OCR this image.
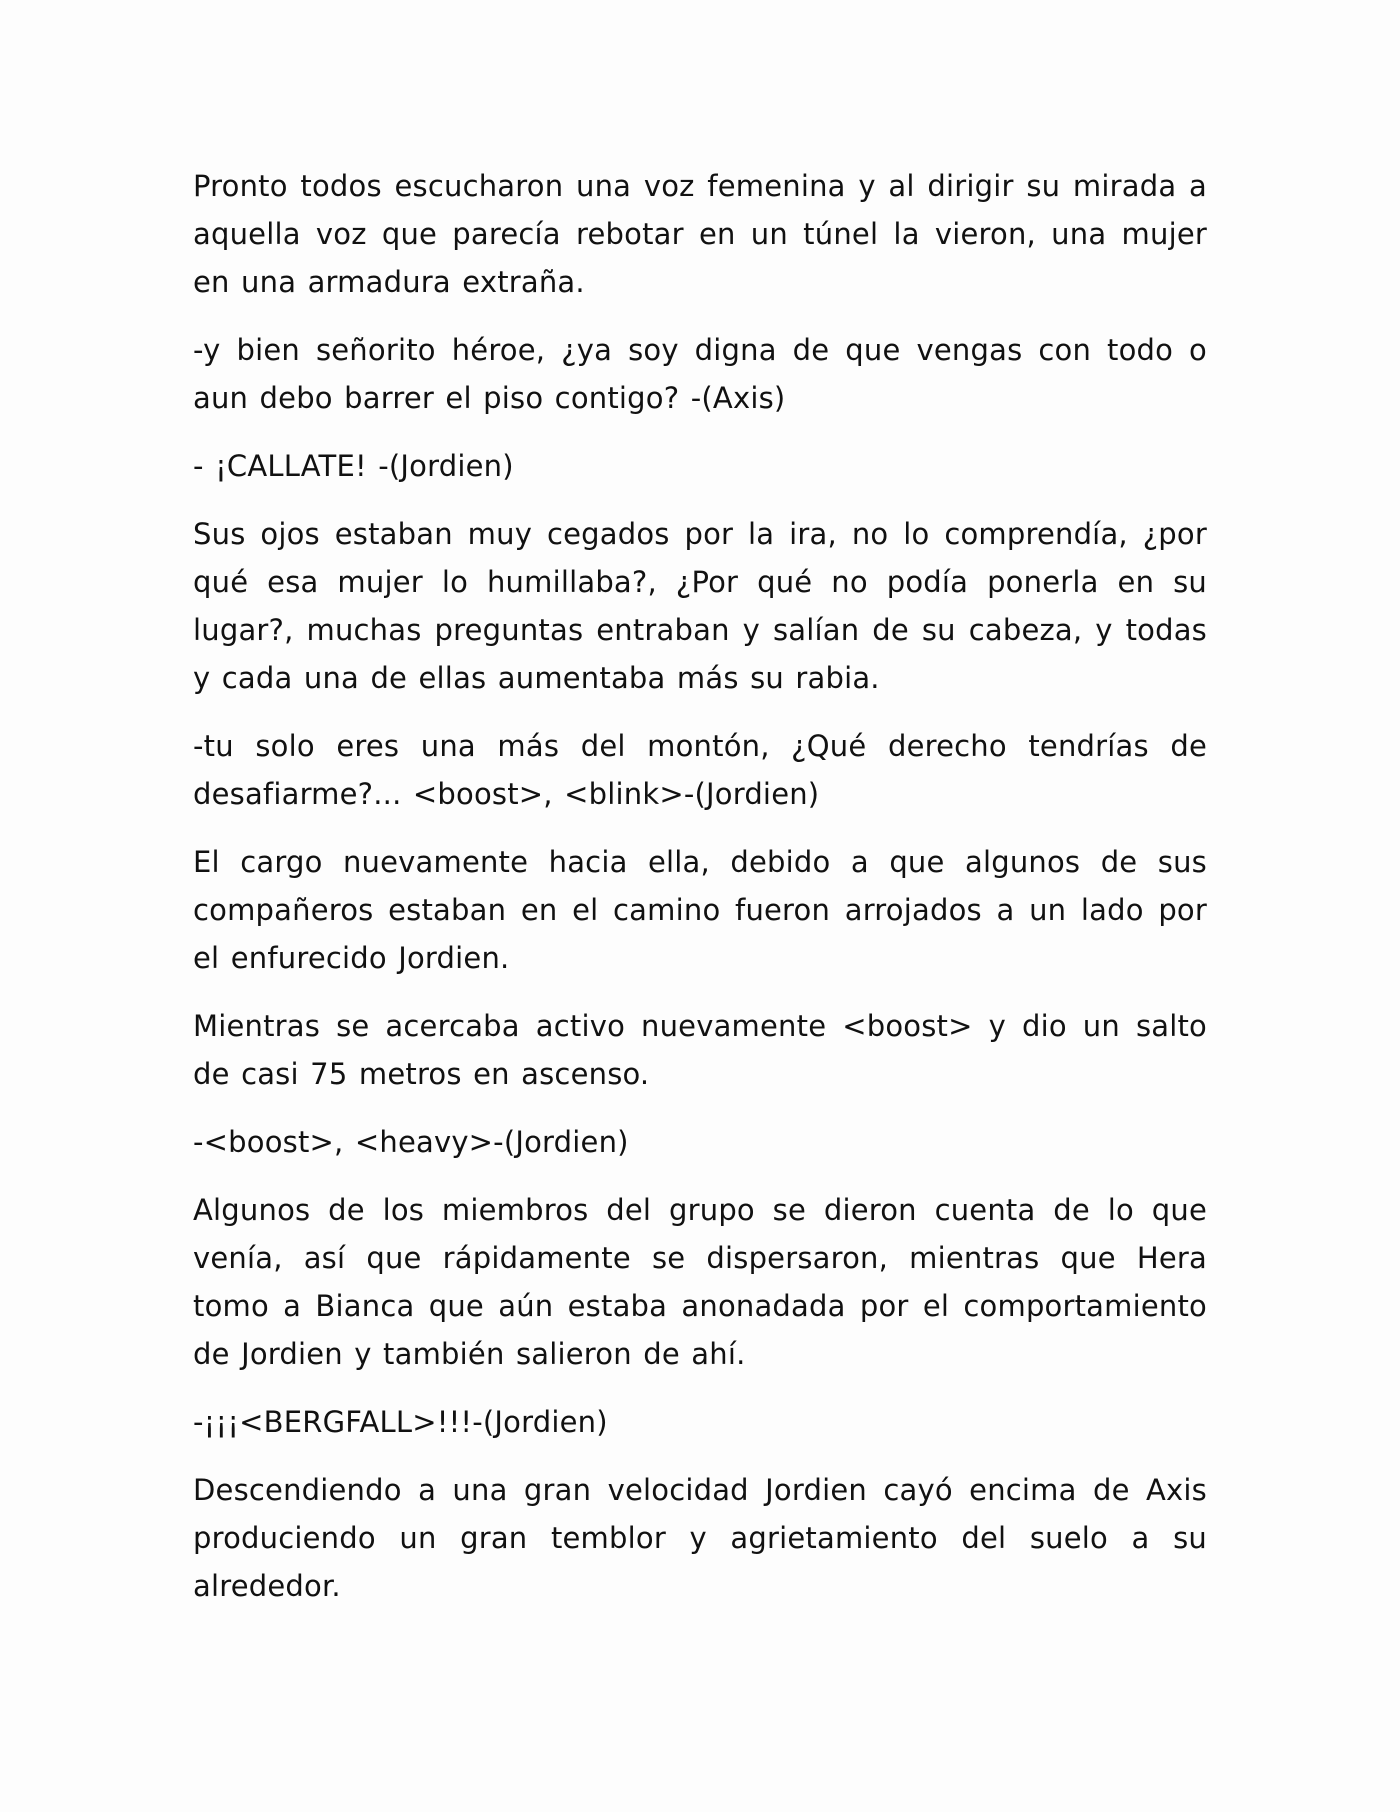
Pronto todos escucharon una voz femenina y al dirigir su mirada a aquella voz que parecía rebotar en un túnel la vieron, una mujer en una armadura extraña.

-y bien señorito héroe, ¿ya soy digna de que vengas con todo o aun debo barrer el piso contigo? -(Axis)

- ¡CALLATE! -(Jordien)

Sus ojos estaban muy cegados por la ira, no lo comprendía, ¿por qué esa mujer lo humillaba?, ¿Por qué no podía ponerla en su lugar?, muchas preguntas entraban y salían de su cabeza, y todas y cada una de ellas aumentaba más su rabia.

-tu solo eres una más del montón, ¿Qué derecho tendrías de desafiarme?... <boost>, <blink>-(Jordien)

El cargo nuevamente hacia ella, debido a que algunos de sus compañeros estaban en el camino fueron arrojados a un lado por el enfurecido Jordien.

Mientras se acercaba activo nuevamente <boost> y dio un salto de casi 75 metros en ascenso.

-<boost>, <heavy>-(Jordien)

Algunos de los miembros del grupo se dieron cuenta de lo que venía, así que rápidamente se dispersaron, mientras que Hera tomo a Bianca que aún estaba anonadada por el comportamiento de Jordien y también salieron de ahí.

-¡¡¡<BERGFALL>!!!-(Jordien)

Descendiendo a una gran velocidad Jordien cayó encima de Axis produciendo un gran temblor y agrietamiento del suelo a su alrededor.
